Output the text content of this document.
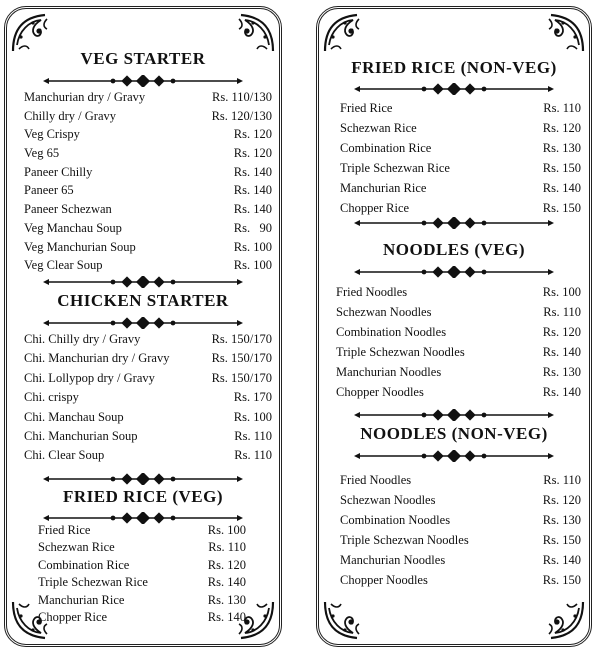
VEG STARTER
Manchurian dry / Gravy	Rs. 110/130
Chilly dry / Gravy	Rs. 120/130
Veg Crispy	Rs. 120
Veg 65	Rs. 120
Paneer Chilly	Rs. 140
Paneer 65	Rs. 140
Paneer Schezwan	Rs. 140
Veg Manchau Soup	Rs.   90
Veg Manchurian Soup	Rs. 100
Veg Clear Soup	Rs. 100
CHICKEN STARTER
Chi. Chilly dry / Gravy	Rs. 150/170
Chi. Manchurian dry / Gravy	Rs. 150/170
Chi. Lollypop dry / Gravy	Rs. 150/170
Chi. crispy	Rs. 170
Chi. Manchau Soup	Rs. 100
Chi. Manchurian Soup	Rs. 110
Chi. Clear Soup	Rs. 110
FRIED RICE (VEG)
Fried Rice	Rs. 100
Schezwan Rice	Rs. 110
Combination Rice	Rs. 120
Triple Schezwan Rice	Rs. 140
Manchurian Rice	Rs. 130
Chopper Rice	Rs. 140
FRIED RICE (NON-VEG)
Fried Rice	Rs. 110
Schezwan Rice	Rs. 120
Combination Rice	Rs. 130
Triple Schezwan Rice	Rs. 150
Manchurian Rice	Rs. 140
Chopper Rice	Rs. 150
NOODLES (VEG)
Fried Noodles	Rs. 100
Schezwan Noodles	Rs. 110
Combination Noodles	Rs. 120
Triple Schezwan Noodles	Rs. 140
Manchurian Noodles	Rs. 130
Chopper Noodles	Rs. 140
NOODLES (NON-VEG)
Fried Noodles	Rs. 110
Schezwan Noodles	Rs. 120
Combination Noodles	Rs. 130
Triple Schezwan Noodles	Rs. 150
Manchurian Noodles	Rs. 140
Chopper Noodles	Rs. 150
